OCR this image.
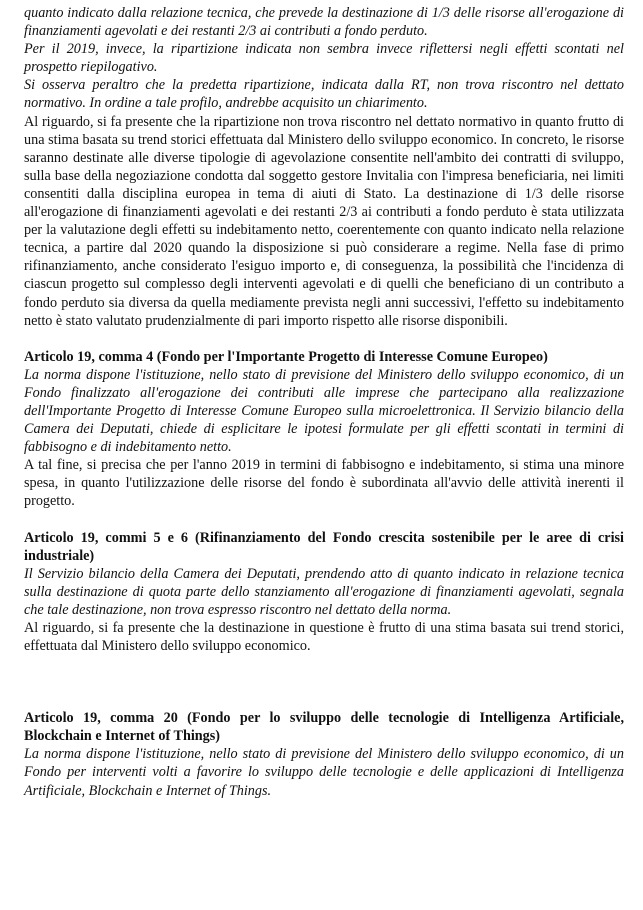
quanto indicato dalla relazione tecnica, che prevede la destinazione di 1/3 delle risorse all'erogazione di finanziamenti agevolati e dei restanti 2/3 ai contributi a fondo perduto.

Per il 2019, invece, la ripartizione indicata non sembra invece riflettersi negli effetti scontati nel prospetto riepilogativo.

Si osserva peraltro che la predetta ripartizione, indicata dalla RT, non trova riscontro nel dettato normativo. In ordine a tale profilo, andrebbe acquisito un chiarimento.

Al riguardo, si fa presente che la ripartizione non trova riscontro nel dettato normativo in quanto frutto di una stima basata su trend storici effettuata dal Ministero dello sviluppo economico. In concreto, le risorse saranno destinate alle diverse tipologie di agevolazione consentite nell'ambito dei contratti di sviluppo, sulla base della negoziazione condotta dal soggetto gestore Invitalia con l'impresa beneficiaria, nei limiti consentiti dalla disciplina europea in tema di aiuti di Stato. La destinazione di 1/3 delle risorse all'erogazione di finanziamenti agevolati e dei restanti 2/3 ai contributi a fondo perduto è stata utilizzata per la valutazione degli effetti su indebitamento netto, coerentemente con quanto indicato nella relazione tecnica, a partire dal 2020 quando la disposizione si può considerare a regime. Nella fase di primo rifinanziamento, anche considerato l'esiguo importo e, di conseguenza, la possibilità che l'incidenza di ciascun progetto sul complesso degli interventi agevolati e di quelli che beneficiano di un contributo a fondo perduto sia diversa da quella mediamente prevista negli anni successivi, l'effetto su indebitamento netto è stato valutato prudenzialmente di pari importo rispetto alle risorse disponibili.

Articolo 19, comma 4 (Fondo per l'Importante Progetto di Interesse Comune Europeo)

La norma dispone l'istituzione, nello stato di previsione del Ministero dello sviluppo economico, di un Fondo finalizzato all'erogazione dei contributi alle imprese che partecipano alla realizzazione dell'Importante Progetto di Interesse Comune Europeo sulla microelettronica. Il Servizio bilancio della Camera dei Deputati, chiede di esplicitare le ipotesi formulate per gli effetti scontati in termini di fabbisogno e di indebitamento netto.

A tal fine, si precisa che per l'anno 2019 in termini di fabbisogno e indebitamento, si stima una minore spesa, in quanto l'utilizzazione delle risorse del fondo è subordinata all'avvio delle attività inerenti il progetto.

Articolo 19, commi 5 e 6 (Rifinanziamento del Fondo crescita sostenibile per le aree di crisi industriale)

Il Servizio bilancio della Camera dei Deputati, prendendo atto di quanto indicato in relazione tecnica sulla destinazione di quota parte dello stanziamento all'erogazione di finanziamenti agevolati, segnala che tale destinazione, non trova espresso riscontro nel dettato della norma.

Al riguardo, si fa presente che la destinazione in questione è frutto di una stima basata sui trend storici, effettuata dal Ministero dello sviluppo economico.

Articolo 19, comma 20 (Fondo per lo sviluppo delle tecnologie di Intelligenza Artificiale, Blockchain e Internet of Things)

La norma dispone l'istituzione, nello stato di previsione del Ministero dello sviluppo economico, di un Fondo per interventi volti a favorire lo sviluppo delle tecnologie e delle applicazioni di Intelligenza Artificiale, Blockchain e Internet of Things.
